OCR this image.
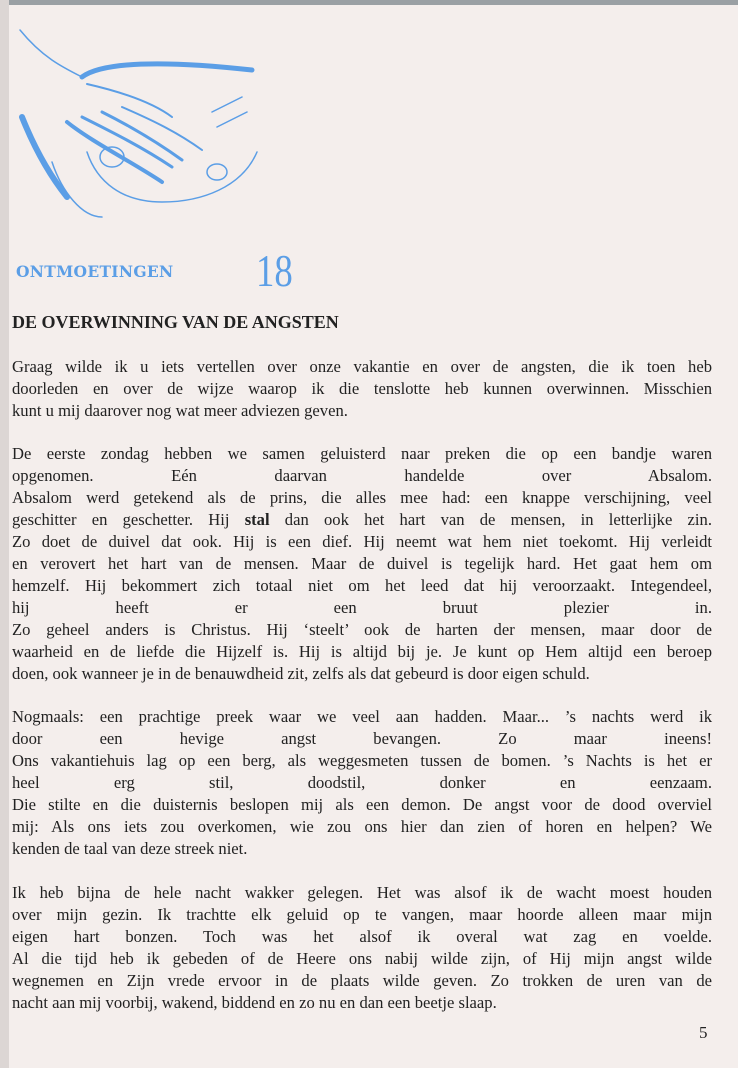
ONTMOETINGEN 18
DE OVERWINNING VAN DE ANGSTEN
Graag wilde ik u iets vertellen over onze vakantie en over de angsten, die ik toen heb
doorleden en over de wijze waarop ik die tenslotte heb kunnen overwinnen. Misschien
kunt u mij daarover nog wat meer adviezen geven.
De eerste zondag hebben we samen geluisterd naar preken die op een bandje waren
opgenomen. Eén daarvan handelde over Absalom.
Absalom werd getekend als de prins, die alles mee had: een knappe verschijning, veel
geschitter en geschetter. Hij stal dan ook het hart van de mensen, in letterlijke zin.
Zo doet de duivel dat ook. Hij is een dief. Hij neemt wat hem niet toekomt. Hij verleidt
en verovert het hart van de mensen. Maar de duivel is tegelijk hard. Het gaat hem om
hemzelf. Hij bekommert zich totaal niet om het leed dat hij veroorzaakt. Integendeel,
hij heeft er een bruut plezier in.
Zo geheel anders is Christus. Hij ‘steelt’ ook de harten der mensen, maar door de
waarheid en de liefde die Hijzelf is. Hij is altijd bij je. Je kunt op Hem altijd een beroep
doen, ook wanneer je in de benauwdheid zit, zelfs als dat gebeurd is door eigen schuld.
Nogmaals: een prachtige preek waar we veel aan hadden. Maar... ’s nachts werd ik
door een hevige angst bevangen. Zo maar ineens!
Ons vakantiehuis lag op een berg, als weggesmeten tussen de bomen. ’s Nachts is het er
heel erg stil, doodstil, donker en eenzaam.
Die stilte en die duisternis beslopen mij als een demon. De angst voor de dood overviel
mij: Als ons iets zou overkomen, wie zou ons hier dan zien of horen en helpen? We
kenden de taal van deze streek niet.
Ik heb bijna de hele nacht wakker gelegen. Het was alsof ik de wacht moest houden
over mijn gezin. Ik trachtte elk geluid op te vangen, maar hoorde alleen maar mijn
eigen hart bonzen. Toch was het alsof ik overal wat zag en voelde.
Al die tijd heb ik gebeden of de Heere ons nabij wilde zijn, of Hij mijn angst wilde
wegnemen en Zijn vrede ervoor in de plaats wilde geven. Zo trokken de uren van de
nacht aan mij voorbij, wakend, biddend en zo nu en dan een beetje slaap.
5
